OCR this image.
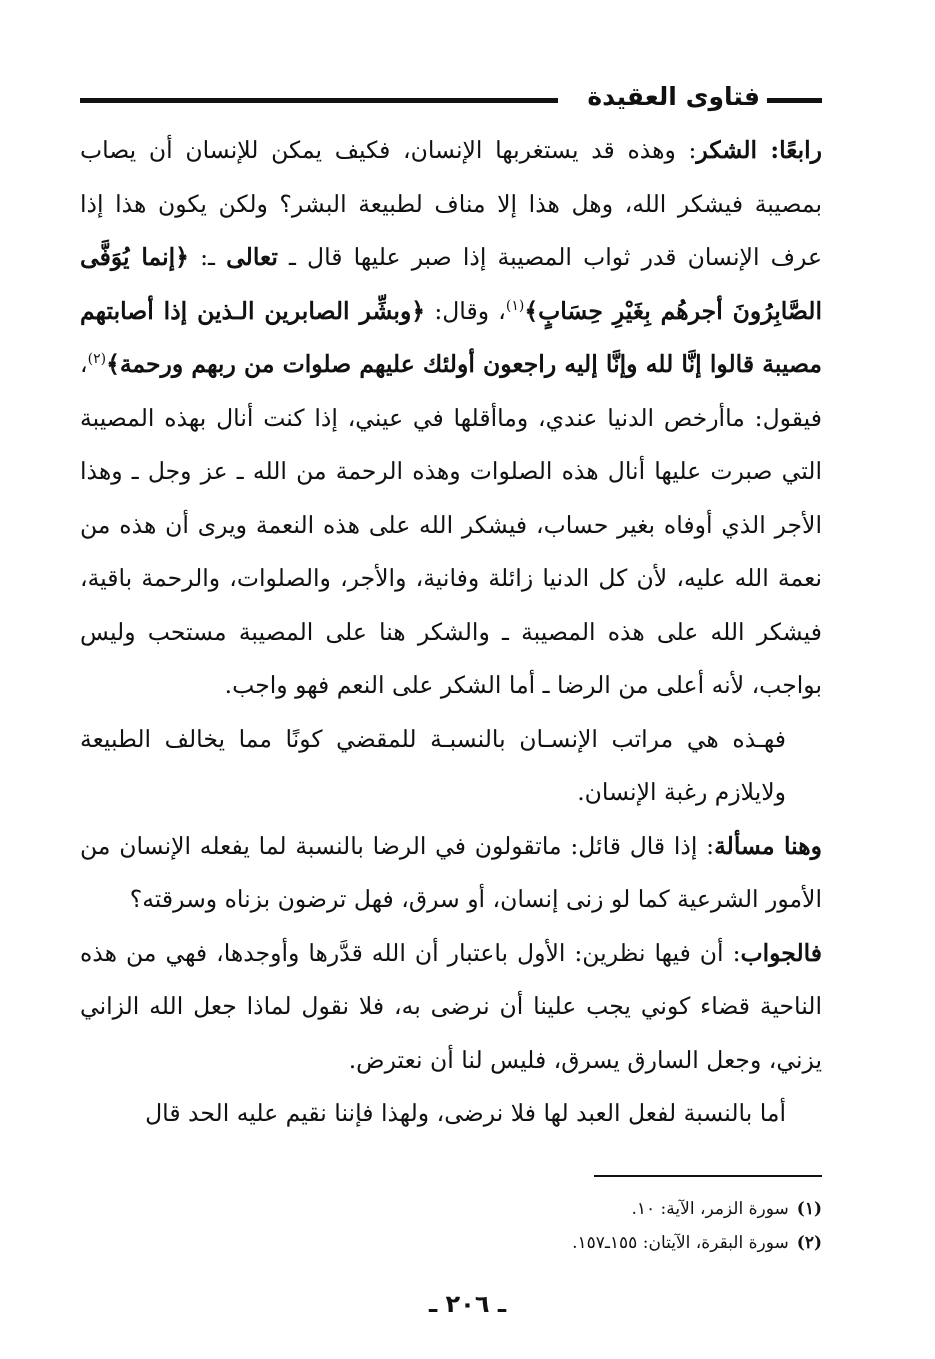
فتاوى العقيدة

رابعًا: الشكر: وهذه قد يستغربها الإنسان، فكيف يمكن للإنسان أن يصاب بمصيبة فيشكر الله، وهل هذا إلا مناف لطبيعة البشر؟ ولكن يكون هذا إذا عرف الإنسان قدر ثواب المصيبة إذا صبر عليها قال ـ تعالى ـ: ﴿إنما يُوَفَّى الصَّابِرُونَ أجرهُم بِغَيْرِ حِسَابٍ﴾$^{(١)}$، وقال: ﴿وبشِّر الصابرين الـذين إذا أصابتهم مصيبة قالوا إنَّا لله وإنَّا إليه راجعون أولئك عليهم صلوات من ربهم ورحمة﴾$^{(٢)}$، فيقول: ماأرخص الدنيا عندي، وماأقلها في عيني، إذا كنت أنال بهذه المصيبة التي صبرت عليها أنال هذه الصلوات وهذه الرحمة من الله ـ عز وجل ـ وهذا الأجر الذي أوفاه بغير حساب، فيشكر الله على هذه النعمة ويرى أن هذه من نعمة الله عليه، لأن كل الدنيا زائلة وفانية، والأجر، والصلوات، والرحمة باقية، فيشكر الله على هذه المصيبة ـ والشكر هنا على المصيبة مستحب وليس بواجب، لأنه أعلى من الرضا ـ أما الشكر على النعم فهو واجب.

فهـذه هي مراتب الإنسـان بالنسبـة للمقضي كونًا مما يخالف الطبيعة ولايلازم رغبة الإنسان.

وهنا مسألة: إذا قال قائل: ماتقولون في الرضا بالنسبة لما يفعله الإنسان من الأمور الشرعية كما لو زنى إنسان، أو سرق، فهل ترضون بزناه وسرقته؟

فالجواب: أن فيها نظرين: الأول باعتبار أن الله قدَّرها وأوجدها، فهي من هذه الناحية قضاء كوني يجب علينا أن نرضى به، فلا نقول لماذا جعل الله الزاني يزني، وجعل السارق يسرق، فليس لنا أن نعترض.

أما بالنسبة لفعل العبد لها فلا نرضى، ولهذا فإننا نقيم عليه الحد قال

(١)سورة الزمر، الآية: ١٠.
(٢)سورة البقرة، الآيتان: ١٥٥ـ١٥٧.
ـ ٢٠٦ ـ
